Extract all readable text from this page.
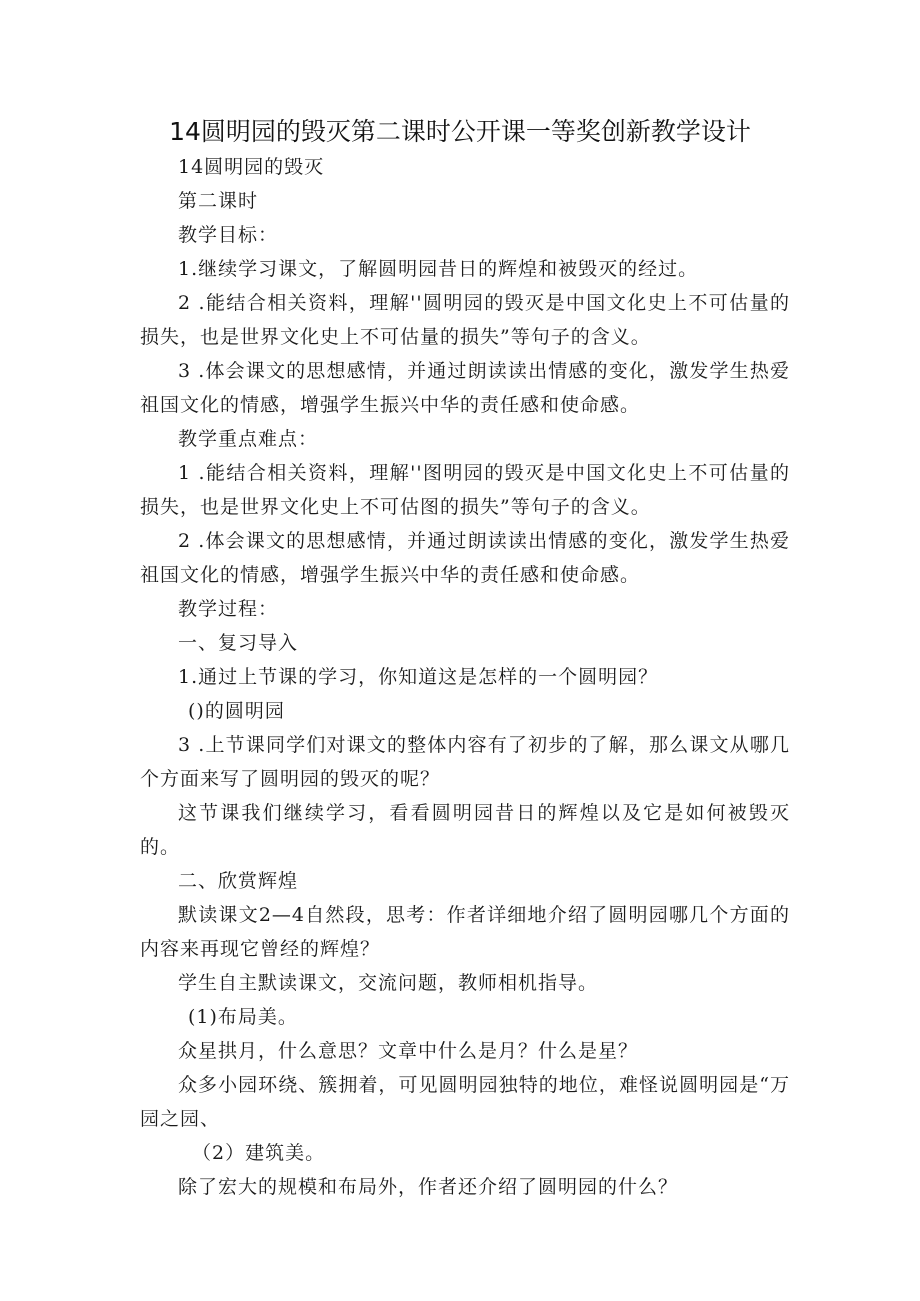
14圆明园的毁灭第二课时公开课一等奖创新教学设计

14圆明园的毁灭

第二课时

教学目标：

1.继续学习课文，了解圆明园昔日的辉煌和被毁灭的经过。

2 .能结合相关资料，理解''圆明园的毁灭是中国文化史上不可估量的损失，也是世界文化史上不可估量的损失”等句子的含义。

3 .体会课文的思想感情，并通过朗读读出情感的变化，激发学生热爱祖国文化的情感，增强学生振兴中华的责任感和使命感。

教学重点难点：

1 .能结合相关资料，理解''图明园的毁灭是中国文化史上不可估量的损失，也是世界文化史上不可估图的损失”等句子的含义。

2 .体会课文的思想感情，并通过朗读读出情感的变化，激发学生热爱祖国文化的情感，增强学生振兴中华的责任感和使命感。

教学过程：

一、复习导入

1.通过上节课的学习，你知道这是怎样的一个圆明园？

()的圆明园

3 .上节课同学们对课文的整体内容有了初步的了解，那么课文从哪几个方面来写了圆明园的毁灭的呢？

这节课我们继续学习，看看圆明园昔日的辉煌以及它是如何被毁灭的。

二、欣赏辉煌

默读课文2—4自然段，思考：作者详细地介绍了圆明园哪几个方面的内容来再现它曾经的辉煌？

学生自主默读课文，交流问题，教师相机指导。

(1)布局美。

众星拱月，什么意思？文章中什么是月？什么是星？

众多小园环绕、簇拥着，可见圆明园独特的地位，难怪说圆明园是“万园之园、

（2）建筑美。

除了宏大的规模和布局外，作者还介绍了圆明园的什么？
